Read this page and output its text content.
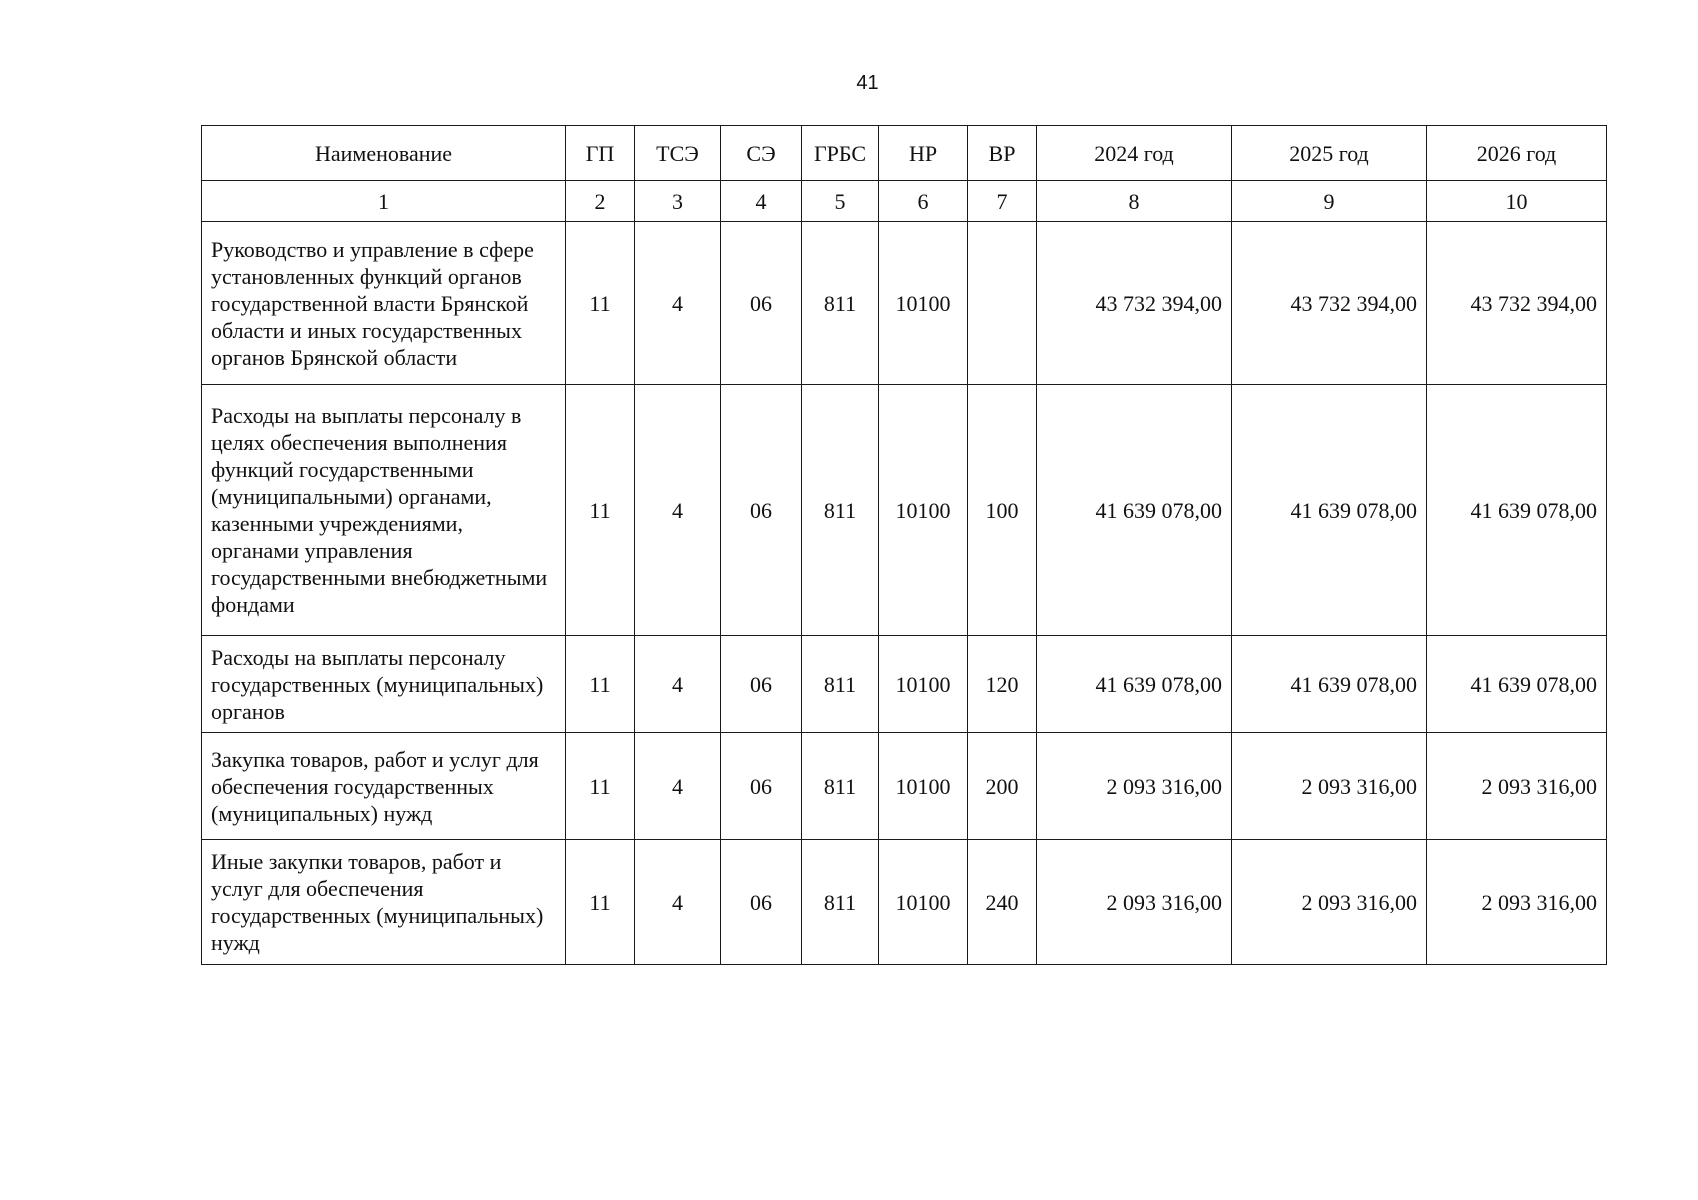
41
Наименование	ГП	ТСЭ	СЭ	ГРБС	НР	ВР	2024 год	2025 год	2026 год
1	2	3	4	5	6	7	8	9	10
Руководство и управление в сфере установленных функций органов государственной власти Брянской области и иных государственных органов Брянской области	11	4	06	811	10100		43 732 394,00	43 732 394,00	43 732 394,00
Расходы на выплаты персоналу в целях обеспечения выполнения функций государственными (муниципальными) органами, казенными учреждениями, органами управления государственными внебюджетными фондами	11	4	06	811	10100	100	41 639 078,00	41 639 078,00	41 639 078,00
Расходы на выплаты персоналу государственных (муниципальных) органов	11	4	06	811	10100	120	41 639 078,00	41 639 078,00	41 639 078,00
Закупка товаров, работ и услуг для обеспечения государственных (муниципальных) нужд	11	4	06	811	10100	200	2 093 316,00	2 093 316,00	2 093 316,00
Иные закупки товаров, работ и услуг для обеспечения государственных (муниципальных) нужд	11	4	06	811	10100	240	2 093 316,00	2 093 316,00	2 093 316,00
